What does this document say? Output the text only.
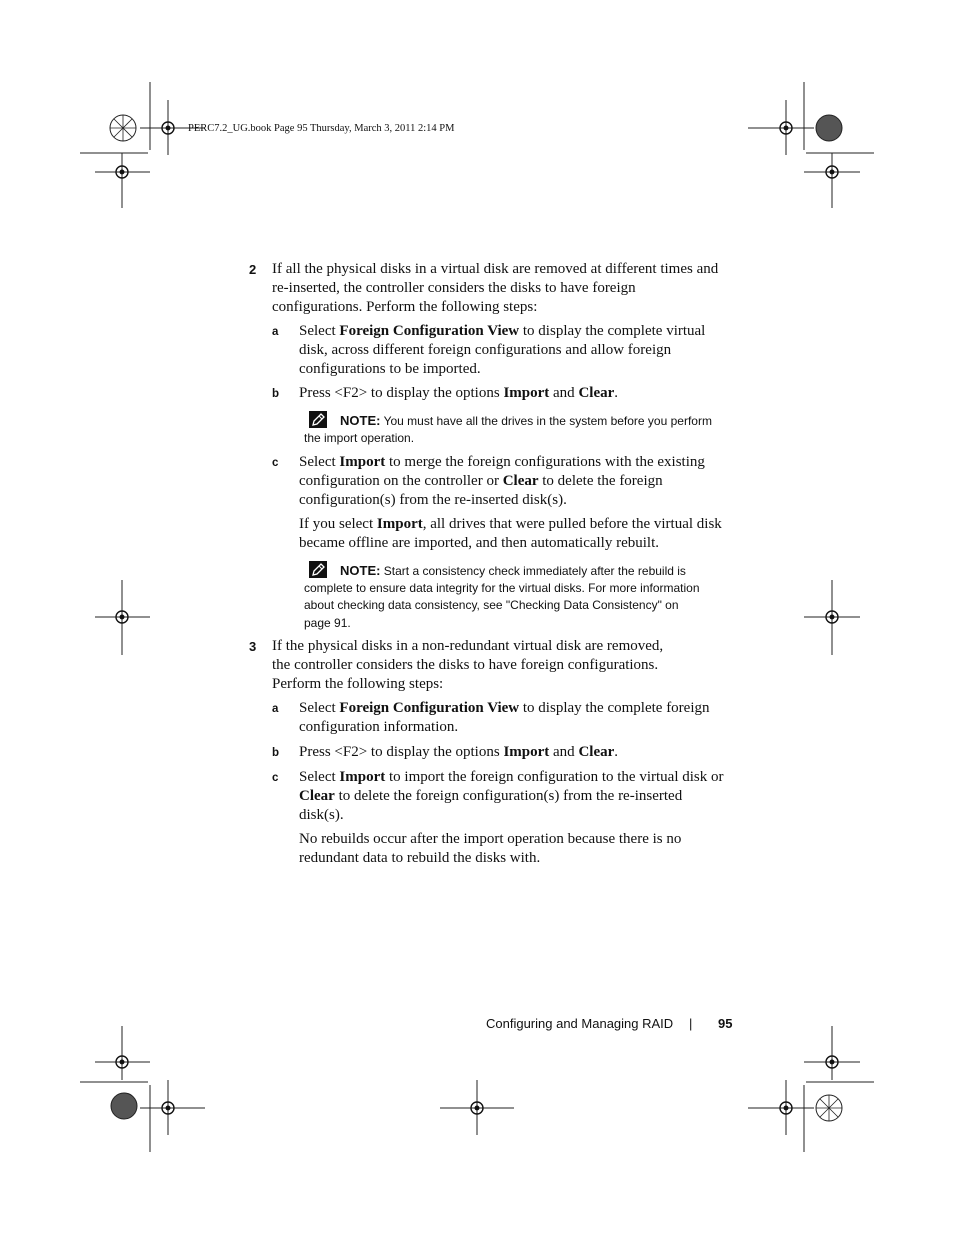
PERC7.2_UG.book Page 95 Thursday, March 3, 2011 2:14 PM
2 If all the physical disks in a virtual disk are removed at different times and
re-inserted, the controller considers the disks to have foreign
configurations. Perform the following steps:
a Select Foreign Configuration View to display the complete virtual
disk, across different foreign configurations and allow foreign
configurations to be imported.
b Press <F2> to display the options Import and Clear.
NOTE: You must have all the drives in the system before you perform
the import operation.
c Select Import to merge the foreign configurations with the existing
configuration on the controller or Clear to delete the foreign
configuration(s) from the re-inserted disk(s).
If you select Import, all drives that were pulled before the virtual disk
became offline are imported, and then automatically rebuilt.
NOTE: Start a consistency check immediately after the rebuild is
complete to ensure data integrity for the virtual disks. For more information
about checking data consistency, see "Checking Data Consistency" on
page 91.
3 If the physical disks in a non-redundant virtual disk are removed,
the controller considers the disks to have foreign configurations.
Perform the following steps:
a Select Foreign Configuration View to display the complete foreign
configuration information.
b Press <F2> to display the options Import and Clear.
c Select Import to import the foreign configuration to the virtual disk or
Clear to delete the foreign configuration(s) from the re-inserted
disk(s).
No rebuilds occur after the import operation because there is no
redundant data to rebuild the disks with.
Configuring and Managing RAID | 95
